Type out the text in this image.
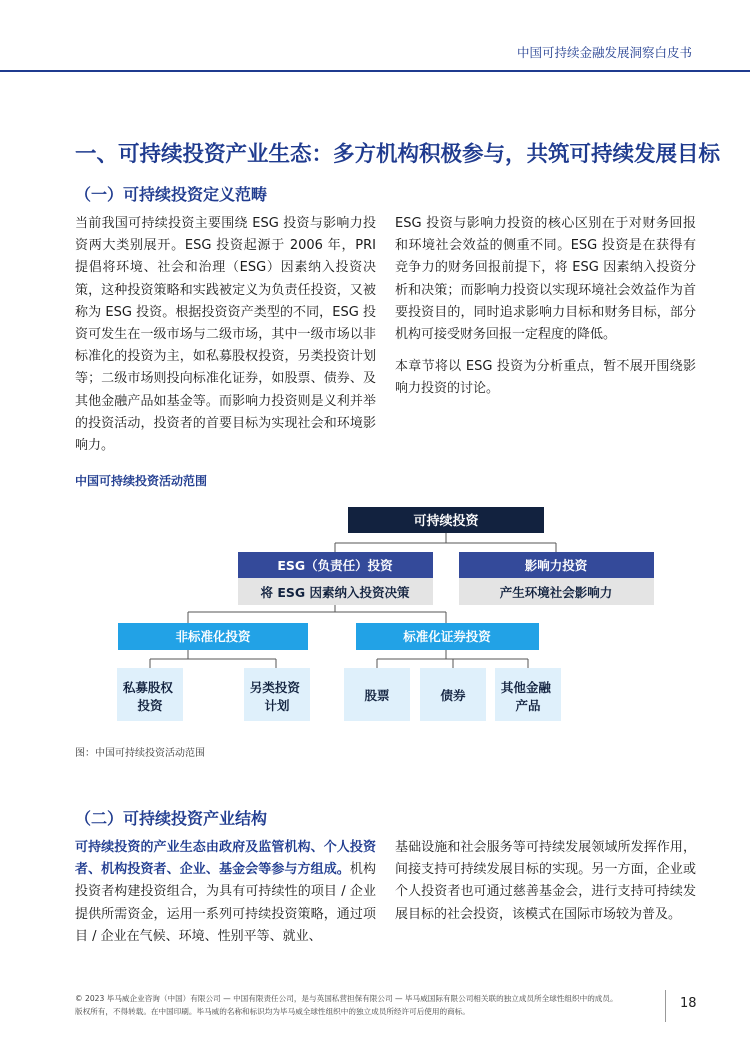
中国可持续金融发展洞察白皮书
一、可持续投资产业生态：多方机构积极参与，共筑可持续发展目标
（一）可持续投资定义范畴

当前我国可持续投资主要围绕 ESG 投资与影响力投资两大类别展开。ESG 投资起源于 2006 年，PRI 提倡将环境、社会和治理（ESG）因素纳入投资决策，这种投资策略和实践被定义为负责任投资，又被称为 ESG 投资。根据投资资产类型的不同，ESG 投资可发生在一级市场与二级市场，其中一级市场以非标准化的投资为主，如私募股权投资，另类投资计划等；二级市场则投向标准化证券，如股票、债券、及其他金融产品如基金等。而影响力投资则是义利并举的投资活动，投资者的首要目标为实现社会和环境影响力。

ESG 投资与影响力投资的核心区别在于对财务回报和环境社会效益的侧重不同。ESG 投资是在获得有竞争力的财务回报前提下，将 ESG 因素纳入投资分析和决策；而影响力投资以实现环境社会效益作为首要投资目的，同时追求影响力目标和财务目标，部分机构可接受财务回报一定程度的降低。

本章节将以 ESG 投资为分析重点，暂不展开围绕影响力投资的讨论。

中国可持续投资活动范围
可持续投资
ESG（负责任）投资
将 ESG 因素纳入投资决策
影响力投资
产生环境社会影响力
非标准化投资	标准化证券投资
私募股权 投资
另类投资 计划
股票	债券
其他金融 产品
图：中国可持续投资活动范围
（二）可持续投资产业结构

可持续投资的产业生态由政府及监管机构、个人投资者、机构投资者、企业、基金会等参与方组成。机构投资者构建投资组合，为具有可持续性的项目 / 企业提供所需资金，运用一系列可持续投资策略，通过项目 / 企业在气候、环境、性别平等、就业、

基础设施和社会服务等可持续发展领域所发挥作用，间接支持可持续发展目标的实现。另一方面，企业或个人投资者也可通过慈善基金会，进行支持可持续发展目标的社会投资，该模式在国际市场较为普及。

© 2023 毕马威企业咨询（中国）有限公司 — 中国有限责任公司，是与英国私营担保有限公司 — 毕马威国际有限公司相关联的独立成员所全球性组织中的成员。
版权所有，不得转载。在中国印刷。毕马威的名称和标识均为毕马威全球性组织中的独立成员所经许可后使用的商标。
18
